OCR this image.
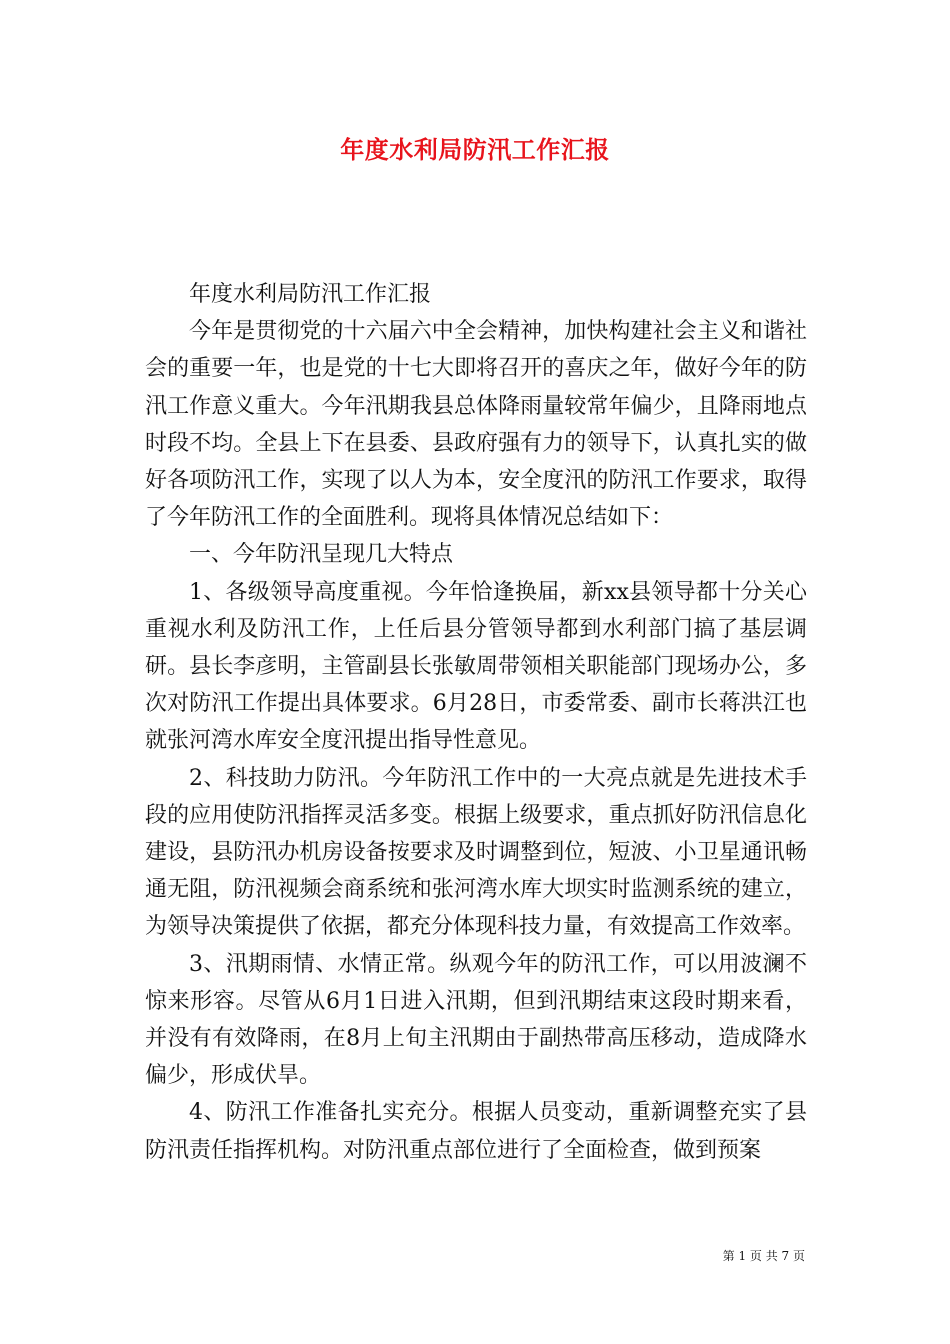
年度水利局防汛工作汇报

年度水利局防汛工作汇报

今年是贯彻党的十六届六中全会精神，加快构建社会主义和谐社会的重要一年，也是党的十七大即将召开的喜庆之年，做好今年的防汛工作意义重大。今年汛期我县总体降雨量较常年偏少，且降雨地点时段不均。全县上下在县委、县政府强有力的领导下，认真扎实的做好各项防汛工作，实现了以人为本，安全度汛的防汛工作要求，取得了今年防汛工作的全面胜利。现将具体情况总结如下：

一、今年防汛呈现几大特点

1、各级领导高度重视。今年恰逢换届，新xx县领导都十分关心重视水利及防汛工作，上任后县分管领导都到水利部门搞了基层调研。县长李彦明，主管副县长张敏周带领相关职能部门现场办公，多次对防汛工作提出具体要求。6月28日，市委常委、副市长蒋洪江也就张河湾水库安全度汛提出指导性意见。

2、科技助力防汛。今年防汛工作中的一大亮点就是先进技术手段的应用使防汛指挥灵活多变。根据上级要求，重点抓好防汛信息化建设，县防汛办机房设备按要求及时调整到位，短波、小卫星通讯畅通无阻，防汛视频会商系统和张河湾水库大坝实时监测系统的建立，为领导决策提供了依据，都充分体现科技力量，有效提高工作效率。

3、汛期雨情、水情正常。纵观今年的防汛工作，可以用波澜不惊来形容。尽管从6月1日进入汛期，但到汛期结束这段时期来看，并没有有效降雨，在8月上旬主汛期由于副热带高压移动，造成降水偏少，形成伏旱。

4、防汛工作准备扎实充分。根据人员变动，重新调整充实了县防汛责任指挥机构。对防汛重点部位进行了全面检查，做到预案

第 1 页 共 7 页
